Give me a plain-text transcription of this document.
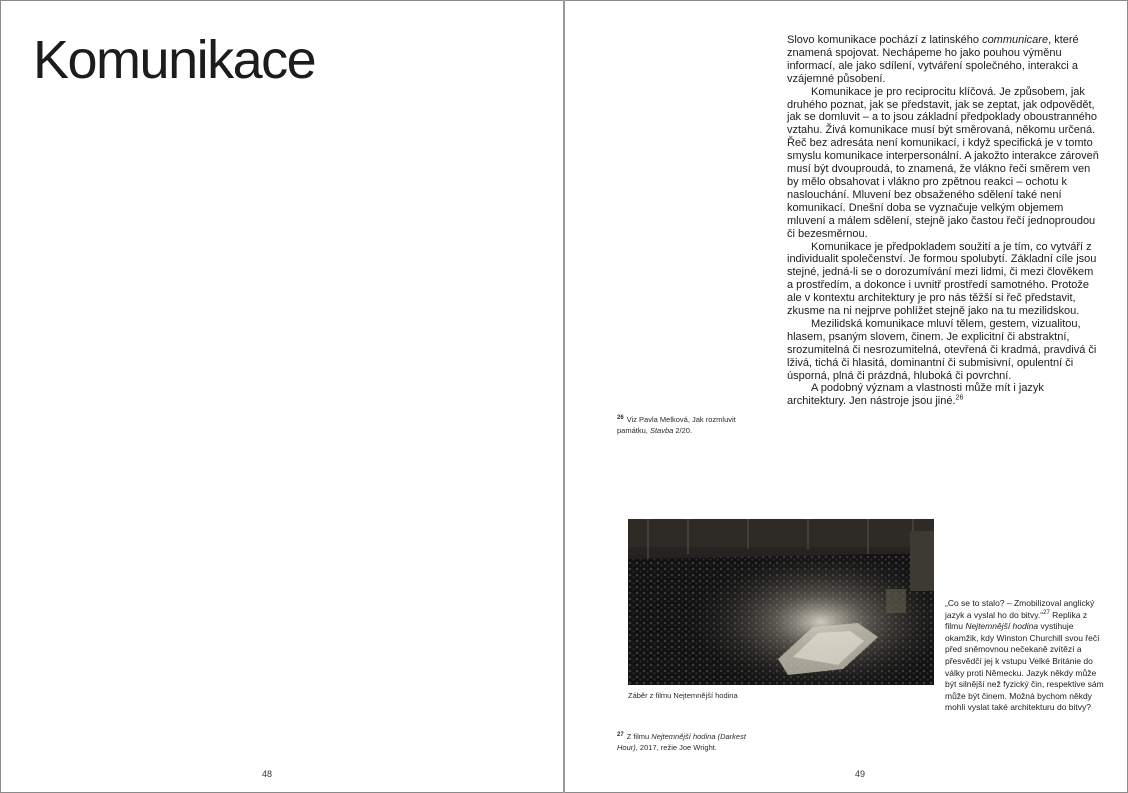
Komunikace
48

Slovo komunikace pochází z latinského communicare, které znamená spojovat. Nechápeme ho jako pouhou výměnu informací, ale jako sdílení, vytváření společného, interakci a vzájemné působení.

Komunikace je pro reciprocitu klíčová. Je způsobem, jak druhého poznat, jak se představit, jak se zeptat, jak odpovědět, jak se domluvit – a to jsou základní předpoklady oboustranného vztahu. Živá komunikace musí být směrovaná, někomu určená. Řeč bez adresáta není komunikací, i když specifická je v tomto smyslu komunikace interpersonální. A jakožto interakce zároveň musí být dvouproudá, to znamená, že vlákno řeči směrem ven by mělo obsahovat i vlákno pro zpětnou reakci – ochotu k naslouchání. Mluvení bez obsaženého sdělení také není komunikací. Dnešní doba se vyznačuje velkým objemem mluvení a málem sdělení, stejně jako častou řečí jednoproudou či bezesměrnou.

Komunikace je předpokladem soužití a je tím, co vytváří z individualit společenství. Je formou spolubytí. Základní cíle jsou stejné, jedná-li se o dorozumívání mezi lidmi, či mezi člověkem a prostředím, a dokonce i uvnitř prostředí samotného. Protože ale v kontextu architektury je pro nás těžší si řeč představit, zkusme na ni nejprve pohlížet stejně jako na tu mezilidskou.

Mezilidská komunikace mluví tělem, gestem, vizualitou, hlasem, psaným slovem, činem. Je explicitní či abstraktní, srozumitelná či nesrozumitelná, otevřená či kradmá, pravdivá či lživá, tichá či hlasitá, dominantní či submisivní, opulentní či úsporná, plná či prázdná, hluboká či povrchní.

A podobný význam a vlastnosti může mít i jazyk architektury. Jen nástroje jsou jiné.$^{26}$

$^{26}$ Viz Pavla Melková, Jak rozmluvit památku, Stavba 2/20.
Záběr z filmu Nejtemnější hodina
„Co se to stalo? – Zmobilizoval anglický jazyk a vyslal ho do bitvy.“$^{27}$ Replika z filmu Nejtemnější hodina vystihuje okamžik, kdy Winston Churchill svou řečí před sněmovnou nečekaně zvítězí a přesvědčí jej k vstupu Velké Británie do války proti Německu. Jazyk někdy může být silnější než fyzický čin, respektive sám může být činem. Možná bychom někdy mohli vyslat také architekturu do bitvy?
$^{27}$ Z filmu Nejtemnější hodina (Darkest Hour), 2017, režie Joe Wright.
49
